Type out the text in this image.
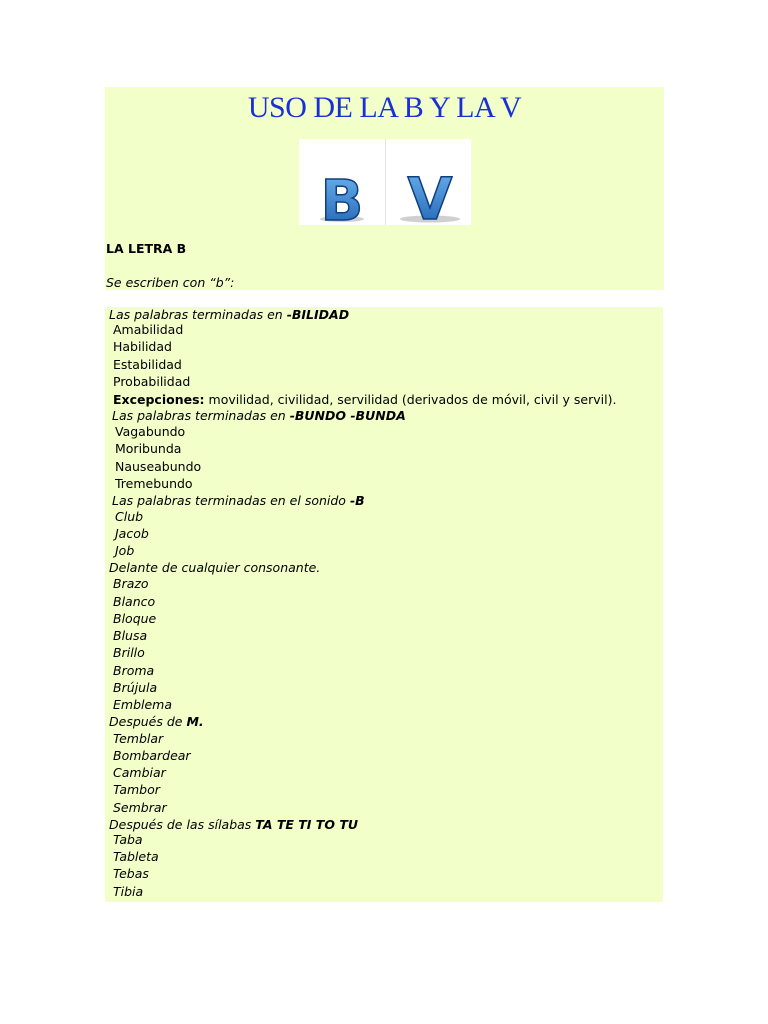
USO DE LA B Y LA V
B V
LA LETRA B
Se escriben con “b”:
Las palabras terminadas en -BILIDAD
Amabilidad
Habilidad
Estabilidad
Probabilidad
Excepciones: movilidad, civilidad, servilidad (derivados de móvil, civil y servil).
Las palabras terminadas en -BUNDO -BUNDA
Vagabundo
Moribunda
Nauseabundo
Tremebundo
Las palabras terminadas en el sonido -B
Club
Jacob
Job
Delante de cualquier consonante.
Brazo
Blanco
Bloque
Blusa
Brillo
Broma
Brújula
Emblema
Después de M.
Temblar
Bombardear
Cambiar
Tambor
Sembrar
Después de las sílabas TA TE TI TO TU
Taba
Tableta
Tebas
Tibia
